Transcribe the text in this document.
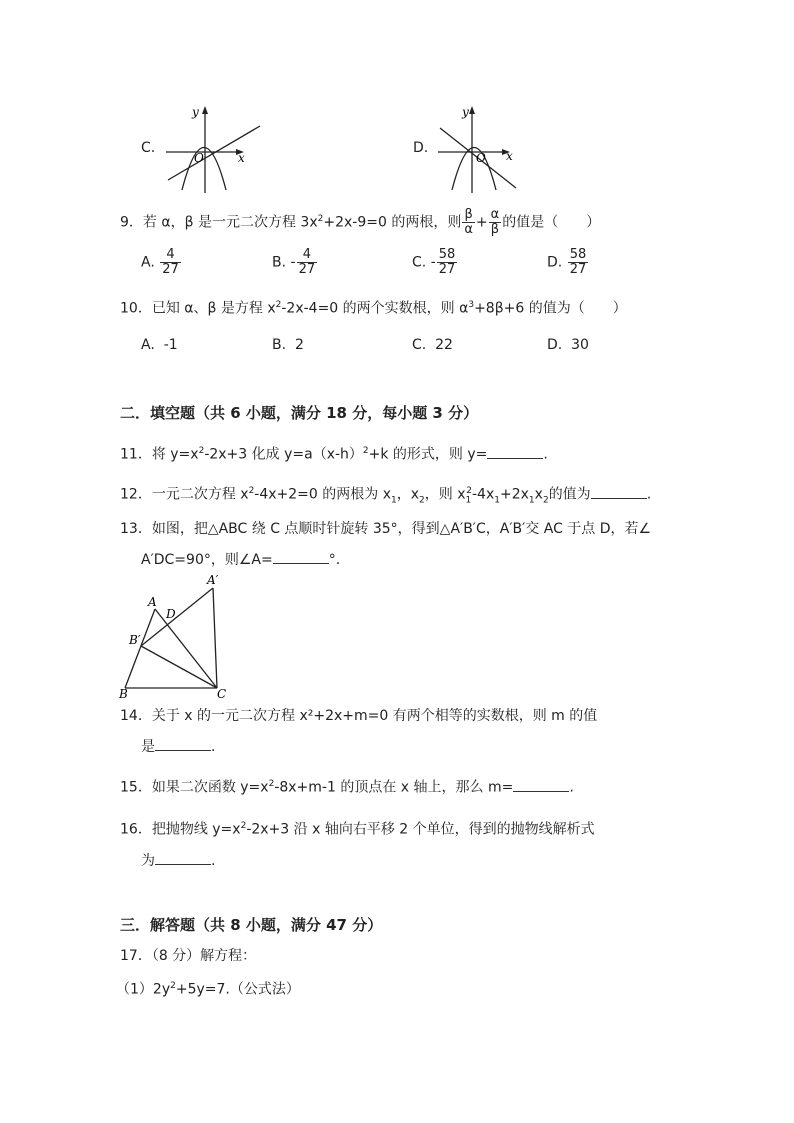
C.
y
x
O
D.
y
x
O
9．若 α，β 是一元二次方程 $3x^2+2x-9=0$ 的两根，则 $\frac{\beta}{\alpha} + \frac{\alpha}{\beta}$ 的值是（　　）
A. $\frac{4}{27}$	B. - $\frac{4}{27}$	C. - $\frac{58}{27}$	D. $\frac{58}{27}$
10．已知 α、β 是方程 $x^2-2x-4=0$ 的两个实数根，则 $\alpha^3+8\beta+6$ 的值为（　　）
A. -1	B. 2	C. 22	D. 30
二．填空题（共 6 小题，满分 18 分，每小题 3 分）
11．将 $y=x^2-2x+3$ 化成 $y=a(x-h)^2+k$ 的形式，则 y=	.
12．一元二次方程 $x^2-4x+2=0$ 的两根为 $x_1$，$x_2$，则 $x_1^2-4x_1+2x_1x_2$的值为	.
13．如图，把△ABC 绕 C 点顺时针旋转 35°，得到△A′B′C，A′B′交 AC 于点 D，若∠
A′DC=90°，则∠A=	°.
A
D
A′
B′
B	C
14．关于 x 的一元二次方程 x²+2x+m=0 有两个相等的实数根，则 m 的值
是	.
15．如果二次函数 $y=x^2-8x+m-1$ 的顶点在 x 轴上，那么 m=	.
16．把抛物线 $y=x^2-2x+3$ 沿 x 轴向右平移 2 个单位，得到的抛物线解析式
为	.
三．解答题（共 8 小题，满分 47 分）
17．（8 分）解方程：
$(1)2y^2+5y=7$.（公式法）
